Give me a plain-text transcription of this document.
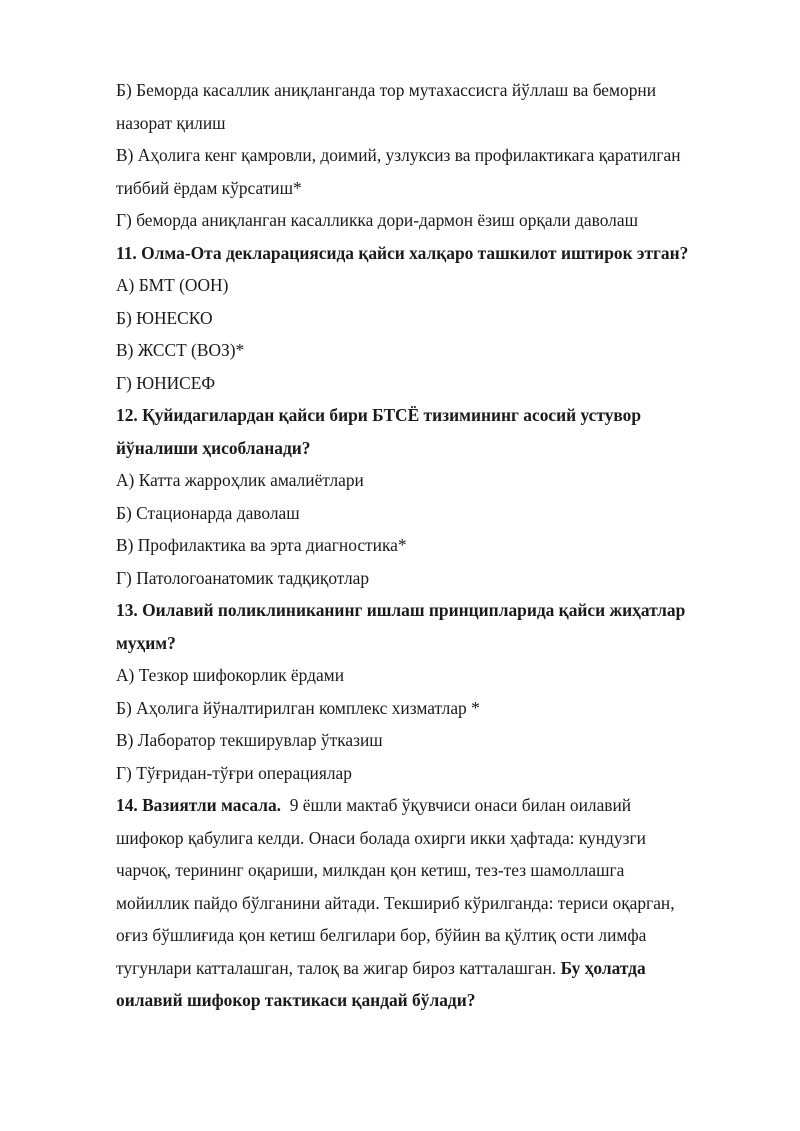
Б) Беморда касаллик аниқланганда тор мутахассисга йўллаш ва беморни
назорат қилиш
В) Аҳолига кенг қамровли, доимий, узлуксиз ва профилактикага қаратилган
тиббий ёрдам кўрсатиш*
Г) беморда аниқланган касалликка дори-дармон ёзиш орқали даволаш
11. Олма-Ота декларациясида қайси халқаро ташкилот иштирок этган?
А) БМТ (ООН)
Б) ЮНЕСКО
В) ЖССТ (ВОЗ)*
Г) ЮНИСЕФ
12. Қуйидагилардан қайси бири БТСЁ тизимининг асосий устувор
йўналиши ҳисобланади?
А) Катта жарроҳлик амалиётлари
Б) Стационарда даволаш
В) Профилактика ва эрта диагностика*
Г) Патологоанатомик тадқиқотлар
13. Оилавий поликлиниканинг ишлаш принципларида қайси жиҳатлар
муҳим?
А) Тезкор шифокорлик ёрдами
Б) Аҳолига йўналтирилган комплекс хизматлар *
В) Лаборатор текширувлар ўтказиш
Г) Тўғридан-тўғри операциялар
14. Вазиятли масала.  9 ёшли мактаб ўқувчиси онаси билан оилавий
шифокор қабулига келди. Онаси болада охирги икки ҳафтада: кундузги
чарчоқ, терининг оқариши, милкдан қон кетиш, тез-тез шамоллашга
мойиллик пайдо бўлганини айтади. Текшириб кўрилганда: териси оқарган,
оғиз бўшлиғида қон кетиш белгилари бор, бўйин ва қўлтиқ ости лимфа
тугунлари катталашган, талоқ ва жигар бироз катталашган. Бу ҳолатда
оилавий шифокор тактикаси қандай бўлади?
